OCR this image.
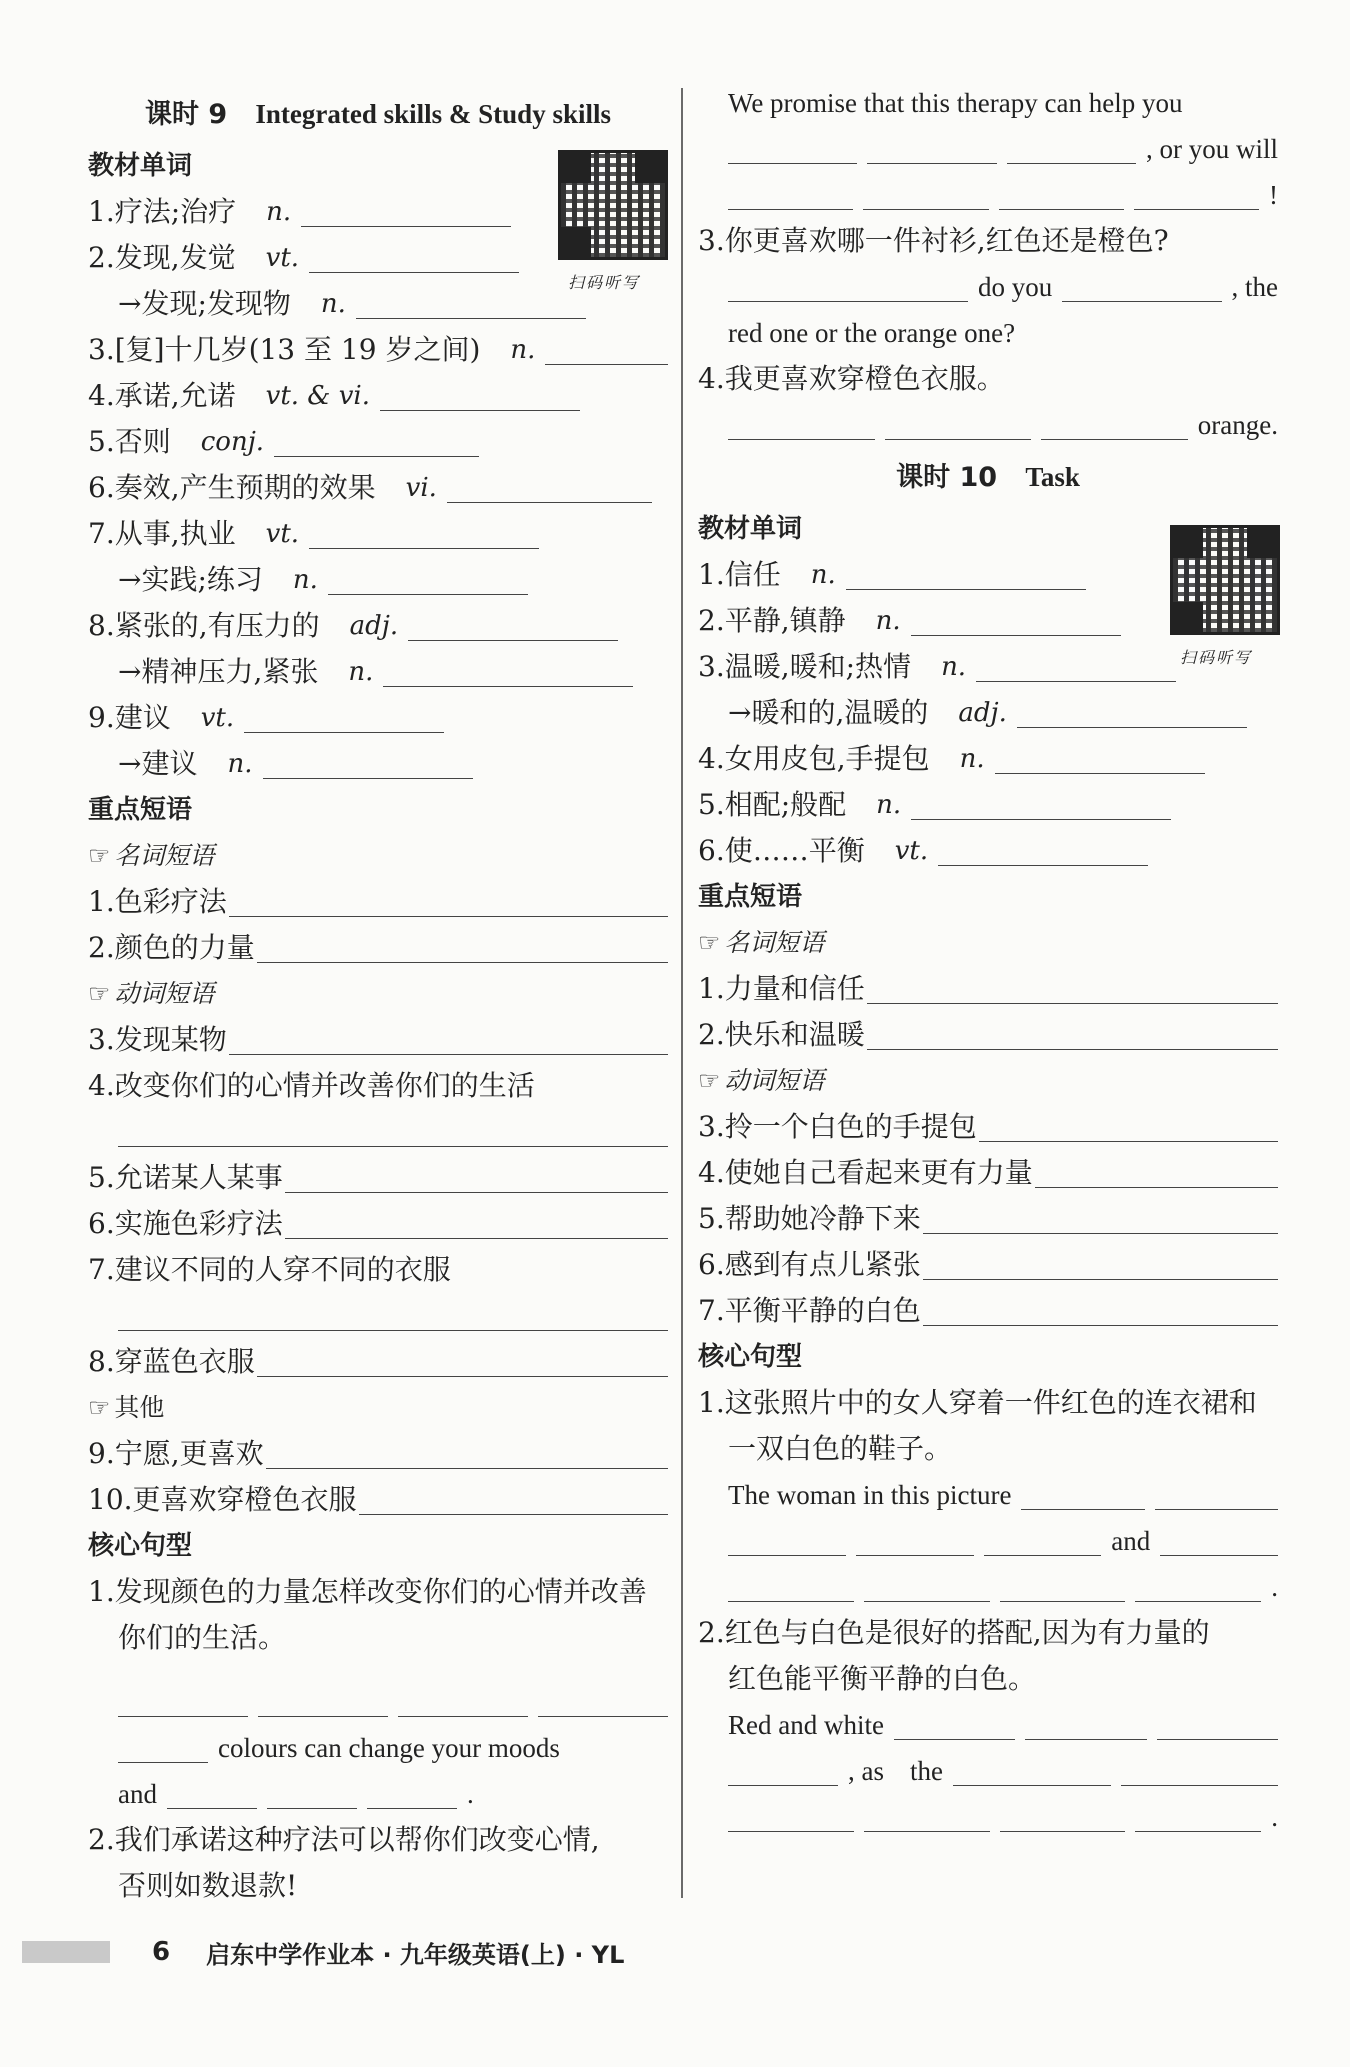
课时 9 Integrated skills & Study skills
教材单词
1. 疗法;治疗 n.
2. 发现,发觉 vt.
→ 发现;发现物 n.
3. [复]十几岁(13 至 19 岁之间) n.
4. 承诺,允诺 vt. & vi.
5. 否则 conj.
6. 奏效,产生预期的效果 vi.
7. 从事,执业 vt.
→ 实践;练习 n.
8. 紧张的,有压力的 adj.
→ 精神压力,紧张 n.
9. 建议 vt.
→ 建议 n.
重点短语
☞ 名词短语
1.色彩疗法
2.颜色的力量
☞ 动词短语
3.发现某物
4.改变你们的心情并改善你们的生活
5.允诺某人某事
6.实施色彩疗法
7.建议不同的人穿不同的衣服
8.穿蓝色衣服
☞ 其他
9.宁愿,更喜欢
10.更喜欢穿橙色衣服
核心句型
1.发现颜色的力量怎样改变你们的心情并改善
你们的生活。
colours can change your moods
and	.
2.我们承诺这种疗法可以帮你们改变心情,
否则如数退款!
扫码听写
We promise that this therapy can help you
, or you will
!
3.你更喜欢哪一件衬衫,红色还是橙色?
do you	, the
red one or the orange one?
4.我更喜欢穿橙色衣服。
orange.
课时 10 Task
教材单词
1. 信任 n.
2. 平静,镇静 n.
3. 温暖,暖和;热情 n.
→ 暖和的,温暖的 adj.
4. 女用皮包,手提包 n.
5. 相配;般配 n.
6. 使……平衡 vt.
重点短语
☞ 名词短语
1.力量和信任
2.快乐和温暖
☞ 动词短语
3.拎一个白色的手提包
4.使她自己看起来更有力量
5.帮助她冷静下来
6.感到有点儿紧张
7.平衡平静的白色
核心句型
1.这张照片中的女人穿着一件红色的连衣裙和
一双白色的鞋子。
The woman in this picture
and
.
2.红色与白色是很好的搭配,因为有力量的
红色能平衡平静的白色。
Red and white
, as the
.
扫码听写
6 启东中学作业本 · 九年级英语(上) · YL
